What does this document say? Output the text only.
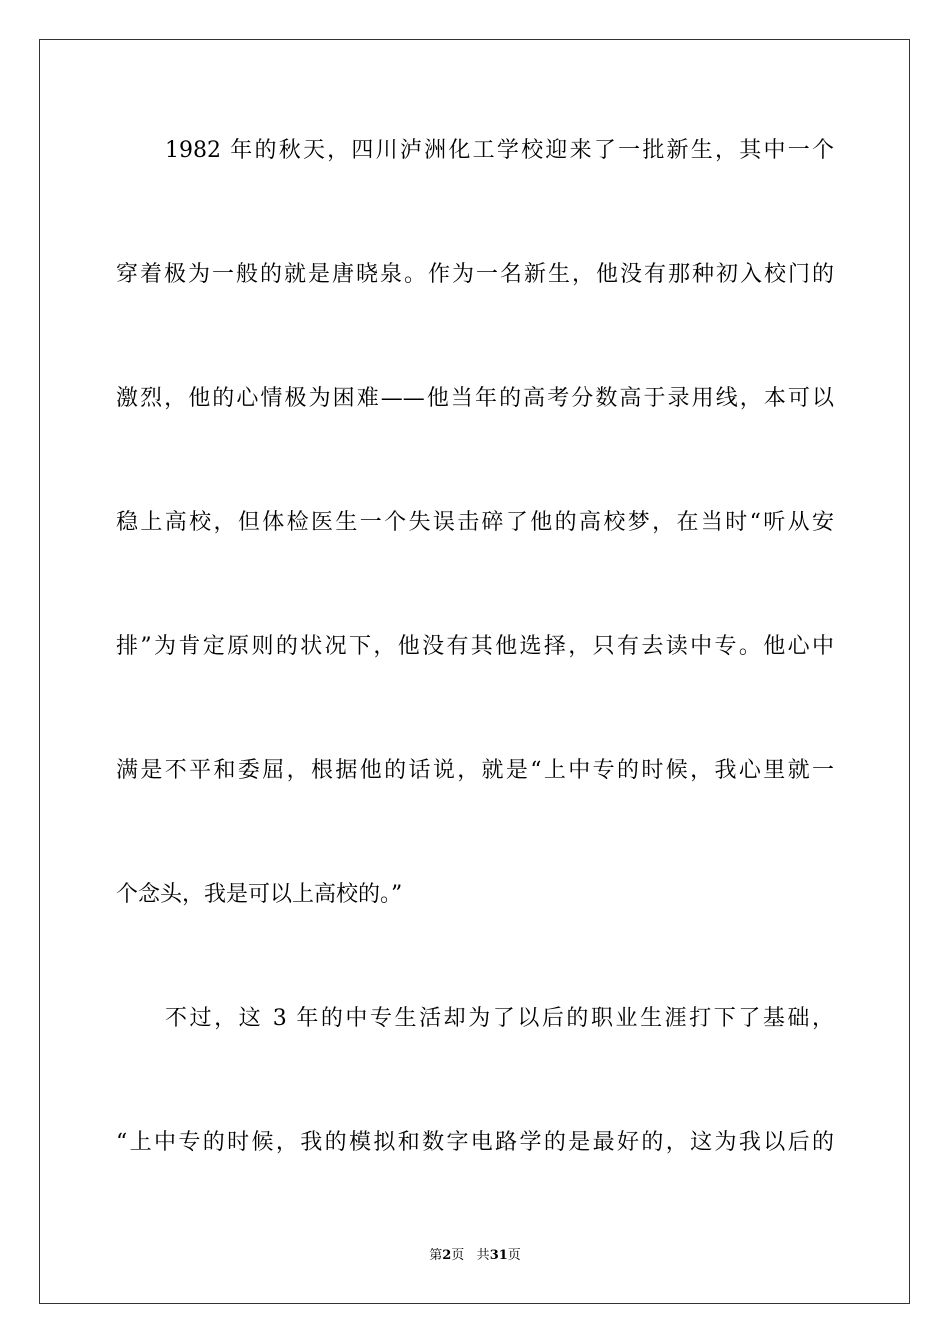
1982 年的秋天，四川泸洲化工学校迎来了一批新生，其中一个
穿着极为一般的就是唐晓泉。作为一名新生，他没有那种初入校门的
激烈，他的心情极为困难——他当年的高考分数高于录用线，本可以
稳上高校，但体检医生一个失误击碎了他的高校梦，在当时“听从安
排”为肯定原则的状况下，他没有其他选择，只有去读中专。他心中
满是不平和委屈，根据他的话说，就是“上中专的时候，我心里就一
个念头，我是可以上高校的。”
不过，这 3 年的中专生活却为了以后的职业生涯打下了基础，
“上中专的时候，我的模拟和数字电路学的是最好的，这为我以后的
第2页 共31页
